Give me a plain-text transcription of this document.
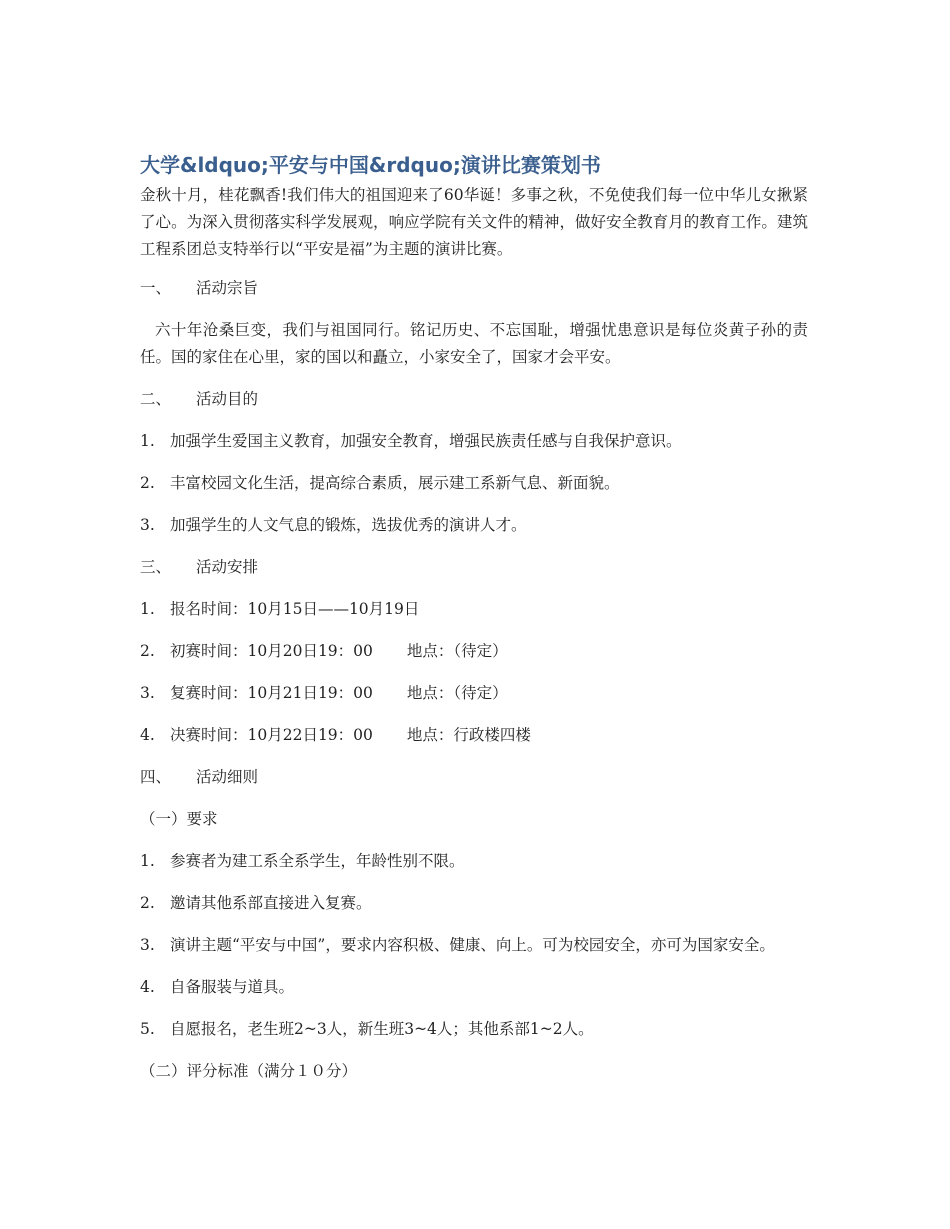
大学&ldquo;平安与中国&rdquo;演讲比赛策划书

金秋十月，桂花飘香!我们伟大的祖国迎来了60华诞！多事之秋，不免使我们每一位中华儿女揪紧了心。为深入贯彻落实科学发展观，响应学院有关文件的精神，做好安全教育月的教育工作。建筑工程系团总支特举行以“平安是福”为主题的演讲比赛。

一、 活动宗旨

六十年沧桑巨变，我们与祖国同行。铭记历史、不忘国耻，增强忧患意识是每位炎黄子孙的责任。国的家住在心里，家的国以和矗立，小家安全了，国家才会平安。

二、 活动目的

1. 加强学生爱国主义教育，加强安全教育，增强民族责任感与自我保护意识。

2. 丰富校园文化生活，提高综合素质，展示建工系新气息、新面貌。

3. 加强学生的人文气息的锻炼，选拔优秀的演讲人才。

三、 活动安排

1. 报名时间：10月15日——10月19日

2. 初赛时间：10月20日19：00 地点：（待定）

3. 复赛时间：10月21日19：00 地点：（待定）

4. 决赛时间：10月22日19：00 地点：行政楼四楼

四、 活动细则

（一）要求

1. 参赛者为建工系全系学生，年龄性别不限。

2. 邀请其他系部直接进入复赛。

3. 演讲主题“平安与中国”，要求内容积极、健康、向上。可为校园安全，亦可为国家安全。

4. 自备服装与道具。

5. 自愿报名，老生班2~3人，新生班3~4人；其他系部1~2人。

（二）评分标准（满分１０分）
